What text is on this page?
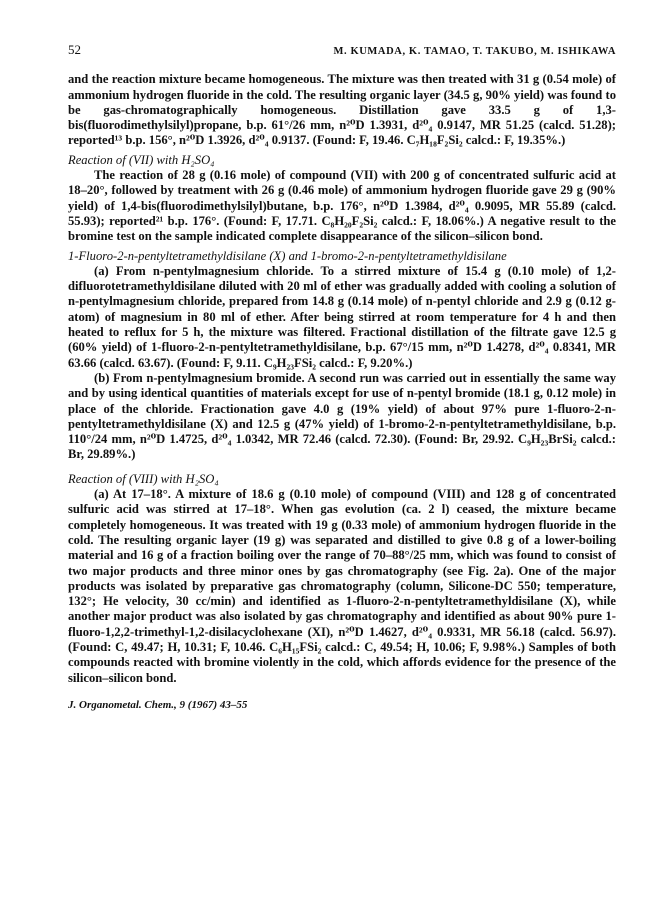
52	M. KUMADA, K. TAMAO, T. TAKUBO, M. ISHIKAWA

and the reaction mixture became homogeneous. The mixture was then treated with 31 g (0.54 mole) of ammonium hydrogen fluoride in the cold. The resulting organic layer (34.5 g, 90% yield) was found to be gas-chromatographically homogeneous. Distillation gave 33.5 g of 1,3-bis(fluorodimethylsilyl)propane, b.p. 61°/26 mm, n²⁰D 1.3931, d²⁰₄ 0.9147, MR 51.25 (calcd. 51.28); reported¹³ b.p. 156°, n²⁰D 1.3926, d²⁰₄ 0.9137. (Found: F, 19.46. C₇H₁₈F₂Si₂ calcd.: F, 19.35%.)

Reaction of (VII) with H₂SO₄

The reaction of 28 g (0.16 mole) of compound (VII) with 200 g of concentrated sulfuric acid at 18–20°, followed by treatment with 26 g (0.46 mole) of ammonium hydrogen fluoride gave 29 g (90% yield) of 1,4-bis(fluorodimethylsilyl)butane, b.p. 176°, n²⁰D 1.3984, d²⁰₄ 0.9095, MR 55.89 (calcd. 55.93); reported²¹ b.p. 176°. (Found: F, 17.71. C₈H₂₀F₂Si₂ calcd.: F, 18.06%.) A negative result to the bromine test on the sample indicated complete disappearance of the silicon–silicon bond.

1-Fluoro-2-n-pentyltetramethyldisilane (X) and 1-bromo-2-n-pentyltetramethyldisilane

(a) From n-pentylmagnesium chloride. To a stirred mixture of 15.4 g (0.10 mole) of 1,2-difluorotetramethyldisilane diluted with 20 ml of ether was gradually added with cooling a solution of n-pentylmagnesium chloride, prepared from 14.8 g (0.14 mole) of n-pentyl chloride and 2.9 g (0.12 g-atom) of magnesium in 80 ml of ether. After being stirred at room temperature for 4 h and then heated to reflux for 5 h, the mixture was filtered. Fractional distillation of the filtrate gave 12.5 g (60% yield) of 1-fluoro-2-n-pentyltetramethyldisilane, b.p. 67°/15 mm, n²⁰D 1.4278, d²⁰₄ 0.8341, MR 63.66 (calcd. 63.67). (Found: F, 9.11. C₉H₂₃FSi₂ calcd.: F, 9.20%.)

(b) From n-pentylmagnesium bromide. A second run was carried out in essentially the same way and by using identical quantities of materials except for use of n-pentyl bromide (18.1 g, 0.12 mole) in place of the chloride. Fractionation gave 4.0 g (19% yield) of about 97% pure 1-fluoro-2-n-pentyltetramethyldisilane (X) and 12.5 g (47% yield) of 1-bromo-2-n-pentyltetramethyldisilane, b.p. 110°/24 mm, n²⁰D 1.4725, d²⁰₄ 1.0342, MR 72.46 (calcd. 72.30). (Found: Br, 29.92. C₉H₂₃BrSi₂ calcd.: Br, 29.89%.)

Reaction of (VIII) with H₂SO₄

(a) At 17–18°. A mixture of 18.6 g (0.10 mole) of compound (VIII) and 128 g of concentrated sulfuric acid was stirred at 17–18°. When gas evolution (ca. 2 l) ceased, the mixture became completely homogeneous. It was treated with 19 g (0.33 mole) of ammonium hydrogen fluoride in the cold. The resulting organic layer (19 g) was separated and distilled to give 0.8 g of a lower-boiling material and 16 g of a fraction boiling over the range of 70–88°/25 mm, which was found to consist of two major products and three minor ones by gas chromatography (see Fig. 2a). One of the major products was isolated by preparative gas chromatography (column, Silicone-DC 550; temperature, 132°; He velocity, 30 cc/min) and identified as 1-fluoro-2-n-pentyltetramethyldisilane (X), while another major product was also isolated by gas chromatography and identified as about 90% pure 1-fluoro-1,2,2-trimethyl-1,2-disilacyclohexane (XI), n²⁰D 1.4627, d²⁰₄ 0.9331, MR 56.18 (calcd. 56.97). (Found: C, 49.47; H, 10.31; F, 10.46. C₆H₁₅FSi₂ calcd.: C, 49.54; H, 10.06; F, 9.98%.) Samples of both compounds reacted with bromine violently in the cold, which affords evidence for the presence of the silicon–silicon bond.

J. Organometal. Chem., 9 (1967) 43–55
